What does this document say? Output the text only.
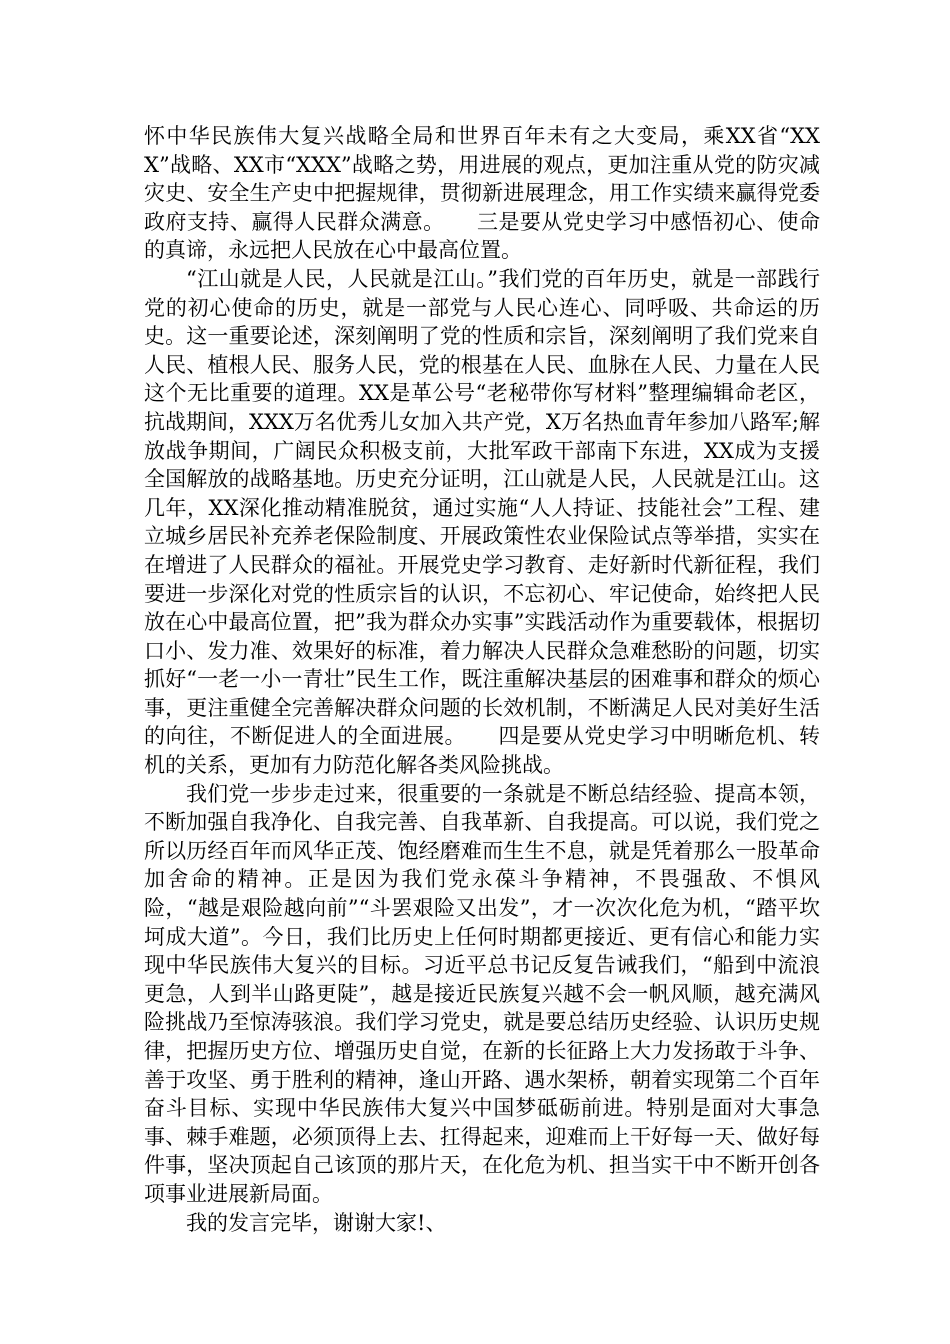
怀中华民族伟大复兴战略全局和世界百年未有之大变局，乘XX省“XXX”战略、XX市“XXX”战略之势，用进展的观点，更加注重从党的防灾减灾史、安全生产史中把握规律，贯彻新进展理念，用工作实绩来赢得党委政府支持、赢得人民群众满意。　　三是要从党史学习中感悟初心、使命的真谛，永远把人民放在心中最高位置。

“江山就是人民，人民就是江山。”我们党的百年历史，就是一部践行党的初心使命的历史，就是一部党与人民心连心、同呼吸、共命运的历史。这一重要论述，深刻阐明了党的性质和宗旨，深刻阐明了我们党来自人民、植根人民、服务人民，党的根基在人民、血脉在人民、力量在人民这个无比重要的道理。XX是革公号“老秘带你写材料”整理编辑命老区，抗战期间，XXX万名优秀儿女加入共产党，X万名热血青年参加八路军;解放战争期间，广阔民众积极支前，大批军政干部南下东进，XX成为支援全国解放的战略基地。历史充分证明，江山就是人民，人民就是江山。这几年，XX深化推动精准脱贫，通过实施“人人持证、技能社会”工程、建立城乡居民补充养老保险制度、开展政策性农业保险试点等举措，实实在在增进了人民群众的福祉。开展党史学习教育、走好新时代新征程，我们要进一步深化对党的性质宗旨的认识，不忘初心、牢记使命，始终把人民放在心中最高位置，把”我为群众办实事”实践活动作为重要载体，根据切口小、发力准、效果好的标准，着力解决人民群众急难愁盼的问题，切实抓好“一老一小一青壮”民生工作，既注重解决基层的困难事和群众的烦心事，更注重健全完善解决群众问题的长效机制，不断满足人民对美好生活的向往，不断促进人的全面进展。　　四是要从党史学习中明晰危机、转机的关系，更加有力防范化解各类风险挑战。

我们党一步步走过来，很重要的一条就是不断总结经验、提高本领，不断加强自我净化、自我完善、自我革新、自我提高。可以说，我们党之所以历经百年而风华正茂、饱经磨难而生生不息，就是凭着那么一股革命加舍命的精神。正是因为我们党永葆斗争精神，不畏强敌、不惧风险，“越是艰险越向前”“斗罢艰险又出发”，才一次次化危为机，“踏平坎坷成大道”。今日，我们比历史上任何时期都更接近、更有信心和能力实现中华民族伟大复兴的目标。习近平总书记反复告诫我们，“船到中流浪更急，人到半山路更陡”，越是接近民族复兴越不会一帆风顺，越充满风险挑战乃至惊涛骇浪。我们学习党史，就是要总结历史经验、认识历史规律，把握历史方位、增强历史自觉，在新的长征路上大力发扬敢于斗争、善于攻坚、勇于胜利的精神，逢山开路、遇水架桥，朝着实现第二个百年奋斗目标、实现中华民族伟大复兴中国梦砥砺前进。特别是面对大事急事、棘手难题，必须顶得上去、扛得起来，迎难而上干好每一天、做好每件事，坚决顶起自己该顶的那片天，在化危为机、担当实干中不断开创各项事业进展新局面。

我的发言完毕，谢谢大家!、
